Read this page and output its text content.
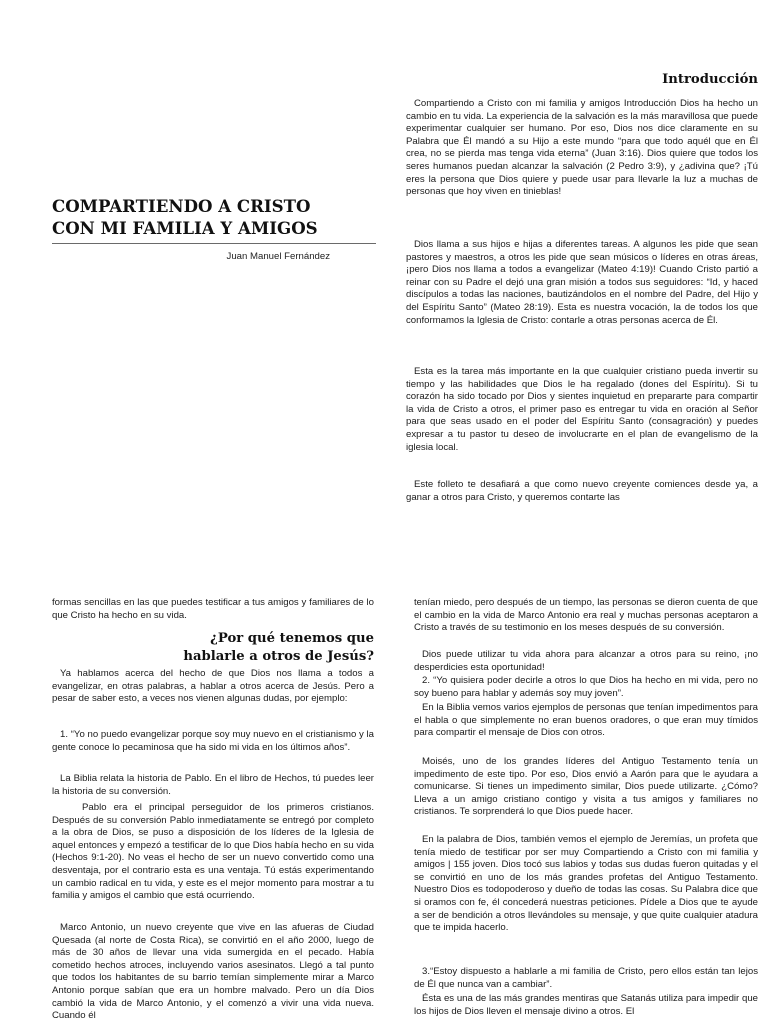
COMPARTIENDO A CRISTO
CON MI FAMILIA Y AMIGOS
Juan Manuel Fernández
Introducción

Compartiendo a Cristo con mi familia y amigos Introducción Dios ha hecho un cambio en tu vida. La experiencia de la salvación es la más maravillosa que puede experimentar cualquier ser humano. Por eso, Dios nos dice claramente en su Palabra que Él mandó a su Hijo a este mundo “para que todo aquél que en Él crea, no se pierda mas tenga vida eterna” (Juan 3:16). Dios quiere que todos los seres humanos puedan alcanzar la salvación (2 Pedro 3:9), y ¿adivina que? ¡Tú eres la persona que Dios quiere y puede usar para llevarle la luz a muchas de personas que hoy viven en tinieblas!

Dios llama a sus hijos e hijas a diferentes tareas. A algunos les pide que sean pastores y maestros, a otros les pide que sean músicos o líderes en otras áreas, ¡pero Dios nos llama a todos a evangelizar (Mateo 4:19)! Cuando Cristo partió a reinar con su Padre el dejó una gran misión a todos sus seguidores: “Id, y haced discípulos a todas las naciones, bautizándolos en el nombre del Padre, del Hijo y del Espíritu Santo” (Mateo 28:19). Esta es nuestra vocación, la de todos los que conformamos la Iglesia de Cristo: contarle a otras personas acerca de Él.

Esta es la tarea más importante en la que cualquier cristiano pueda invertir su tiempo y las habilidades que Dios le ha regalado (dones del Espíritu). Si tu corazón ha sido tocado por Dios y sientes inquietud en prepararte para compartir la vida de Cristo a otros, el primer paso es entregar tu vida en oración al Señor para que seas usado en el poder del Espíritu Santo (consagración) y puedes expresar a tu pastor tu deseo de involucrarte en el plan de evangelismo de la iglesia local.

Este folleto te desafiará a que como nuevo creyente comiences desde ya, a ganar a otros para Cristo, y queremos contarte las

formas sencillas en las que puedes testificar a tus amigos y familiares de lo que Cristo ha hecho en su vida.

¿Por qué tenemos que
hablarle a otros de Jesús?

Ya hablamos acerca del hecho de que Dios nos llama a todos a evangelizar, en otras palabras, a hablar a otros acerca de Jesús. Pero a pesar de saber esto, a veces nos vienen algunas dudas, por ejemplo:

1. “Yo no puedo evangelizar porque soy muy nuevo en el cristianismo y la gente conoce lo pecaminosa que ha sido mi vida en los últimos años”.

La Biblia relata la historia de Pablo. En el libro de Hechos, tú puedes leer la historia de su conversión.

Pablo era el principal perseguidor de los primeros cristianos. Después de su conversión Pablo inmediatamente se entregó por completo a la obra de Dios, se puso a disposición de los líderes de la Iglesia de aquel entonces y empezó a testificar de lo que Dios había hecho en su vida (Hechos 9:1-20). No veas el hecho de ser un nuevo convertido como una desventaja, por el contrario esta es una ventaja. Tú estás experimentando un cambio radical en tu vida, y este es el mejor momento para mostrar a tu familia y amigos el cambio que está ocurriendo.

Marco Antonio, un nuevo creyente que vive en las afueras de Ciudad Quesada (al norte de Costa Rica), se convirtió en el año 2000, luego de más de 30 años de llevar una vida sumergida en el pecado. Había cometido hechos atroces, incluyendo varios asesinatos. Llegó a tal punto que todos los habitantes de su barrio temían simplemente mirar a Marco Antonio porque sabían que era un hombre malvado. Pero un día Dios cambió la vida de Marco Antonio, y el comenzó a vivir una vida nueva. Cuando él

tenían miedo, pero después de un tiempo, las personas se dieron cuenta de que el cambio en la vida de Marco Antonio era real y muchas personas aceptaron a Cristo a través de su testimonio en los meses después de su conversión.

Dios puede utilizar tu vida ahora para alcanzar a otros para su reino, ¡no desperdicies esta oportunidad!

2. “Yo quisiera poder decirle a otros lo que Dios ha hecho en mi vida, pero no soy bueno para hablar y además soy muy joven”.

En la Biblia vemos varios ejemplos de personas que tenían impedimentos para el habla o que simplemente no eran buenos oradores, o que eran muy tímidos para compartir el mensaje de Dios con otros.

Moisés, uno de los grandes líderes del Antiguo Testamento tenía un impedimento de este tipo. Por eso, Dios envió a Aarón para que le ayudara a comunicarse. Si tienes un impedimento similar, Dios puede utilizarte. ¿Cómo? Lleva a un amigo cristiano contigo y visita a tus amigos y familiares no cristianos. Te sorprenderá lo que Dios puede hacer.

En la palabra de Dios, también vemos el ejemplo de Jeremías, un profeta que tenía miedo de testificar por ser muy Compartiendo a Cristo con mi familia y amigos | 155 joven. Dios tocó sus labios y todas sus dudas fueron quitadas y el se convirtió en uno de los más grandes profetas del Antiguo Testamento. Nuestro Dios es todopoderoso y dueño de todas las cosas. Su Palabra dice que si oramos con fe, él concederá nuestras peticiones. Pídele a Dios que te ayude a ser de bendición a otros llevándoles su mensaje, y que quite cualquier atadura que te impida hacerlo.

3.“Estoy dispuesto a hablarle a mi familia de Cristo, pero ellos están tan lejos de Él que nunca van a cambiar”.

Ésta es una de las más grandes mentiras que Satanás utiliza para impedir que los hijos de Dios lleven el mensaje divino a otros. El
